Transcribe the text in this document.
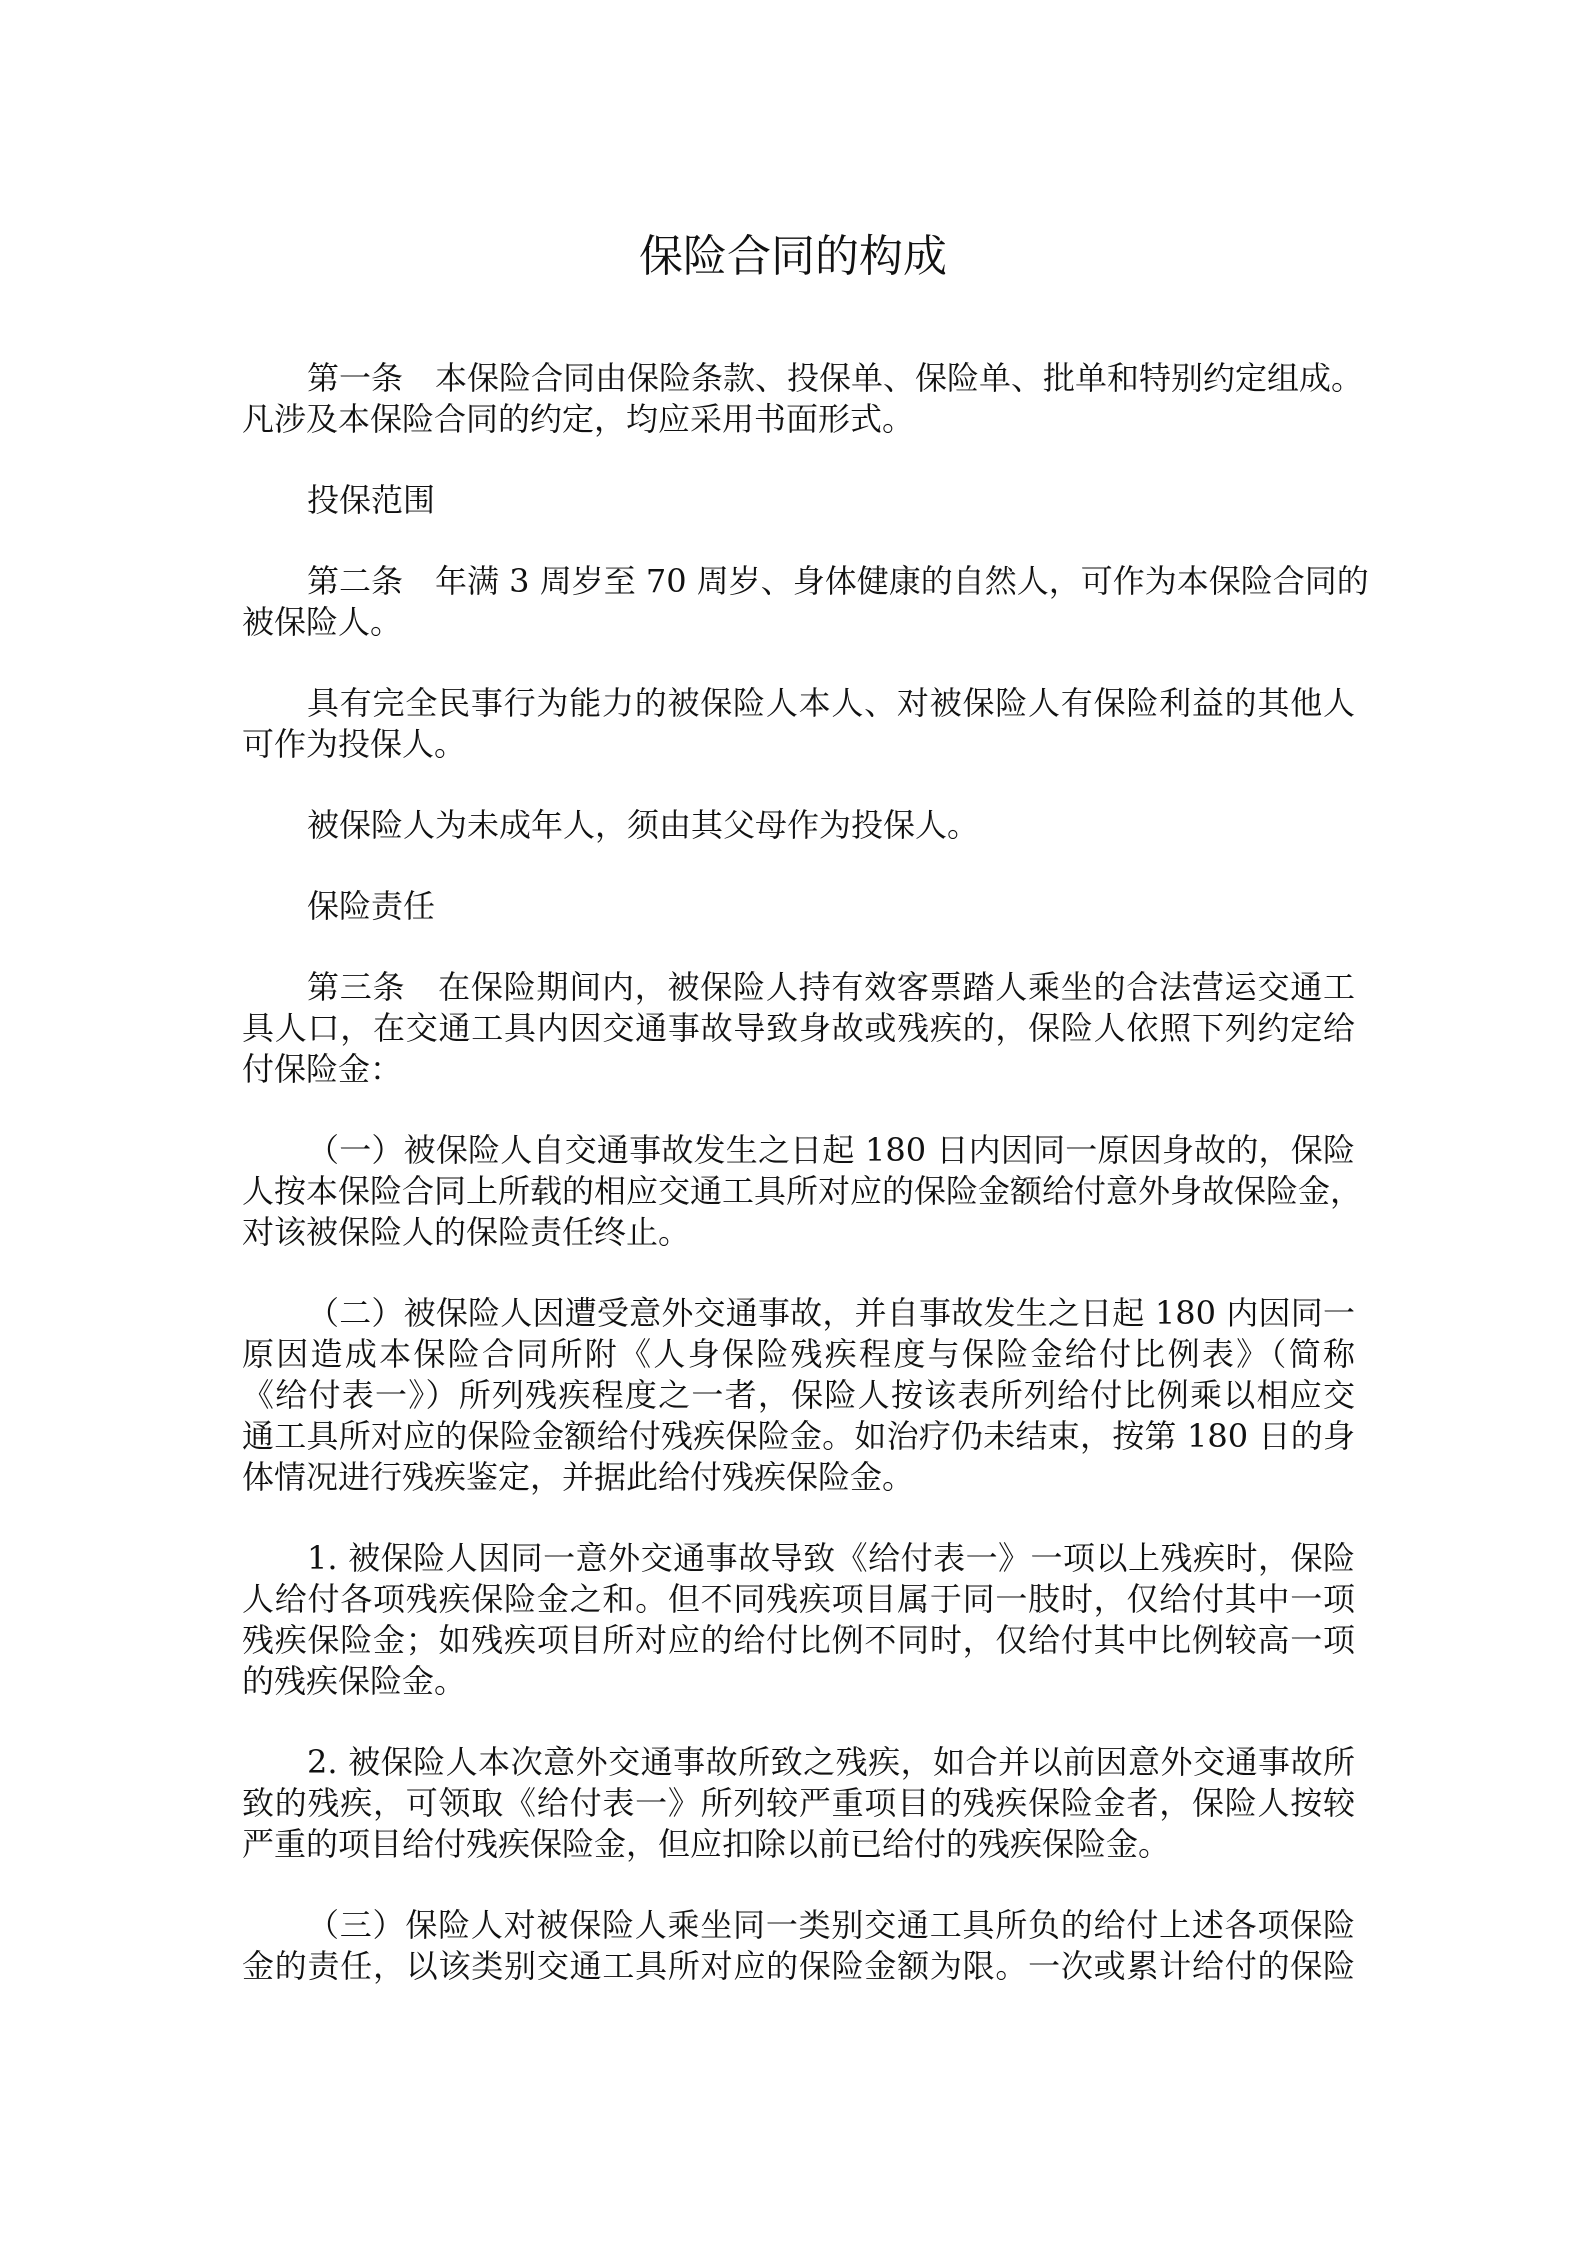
保险合同的构成
第一条　本保险合同由保险条款、投保单、保险单、批单和特别约定组成。
凡涉及本保险合同的约定，均应采用书面形式。
投保范围
第二条　年满 3 周岁至 70 周岁、身体健康的自然人，可作为本保险合同的
被保险人。
具有完全民事行为能力的被保险人本人、对被保险人有保险利益的其他人
可作为投保人。
被保险人为未成年人，须由其父母作为投保人。
保险责任
第三条　在保险期间内，被保险人持有效客票踏人乘坐的合法营运交通工
具人口，在交通工具内因交通事故导致身故或残疾的，保险人依照下列约定给
付保险金：
（一）被保险人自交通事故发生之日起 180 日内因同一原因身故的，保险
人按本保险合同上所载的相应交通工具所对应的保险金额给付意外身故保险金，
对该被保险人的保险责任终止。
（二）被保险人因遭受意外交通事故，并自事故发生之日起 180 内因同一
原因造成本保险合同所附《人身保险残疾程度与保险金给付比例表》（简称
《给付表一》）所列残疾程度之一者，保险人按该表所列给付比例乘以相应交
通工具所对应的保险金额给付残疾保险金。如治疗仍未结束，按第 180 日的身
体情况进行残疾鉴定，并据此给付残疾保险金。
1. 被保险人因同一意外交通事故导致《给付表一》一项以上残疾时，保险
人给付各项残疾保险金之和。但不同残疾项目属于同一肢时，仅给付其中一项
残疾保险金；如残疾项目所对应的给付比例不同时，仅给付其中比例较高一项
的残疾保险金。
2. 被保险人本次意外交通事故所致之残疾，如合并以前因意外交通事故所
致的残疾，可领取《给付表一》所列较严重项目的残疾保险金者，保险人按较
严重的项目给付残疾保险金，但应扣除以前已给付的残疾保险金。
（三）保险人对被保险人乘坐同一类别交通工具所负的给付上述各项保险
金的责任，以该类别交通工具所对应的保险金额为限。一次或累计给付的保险
